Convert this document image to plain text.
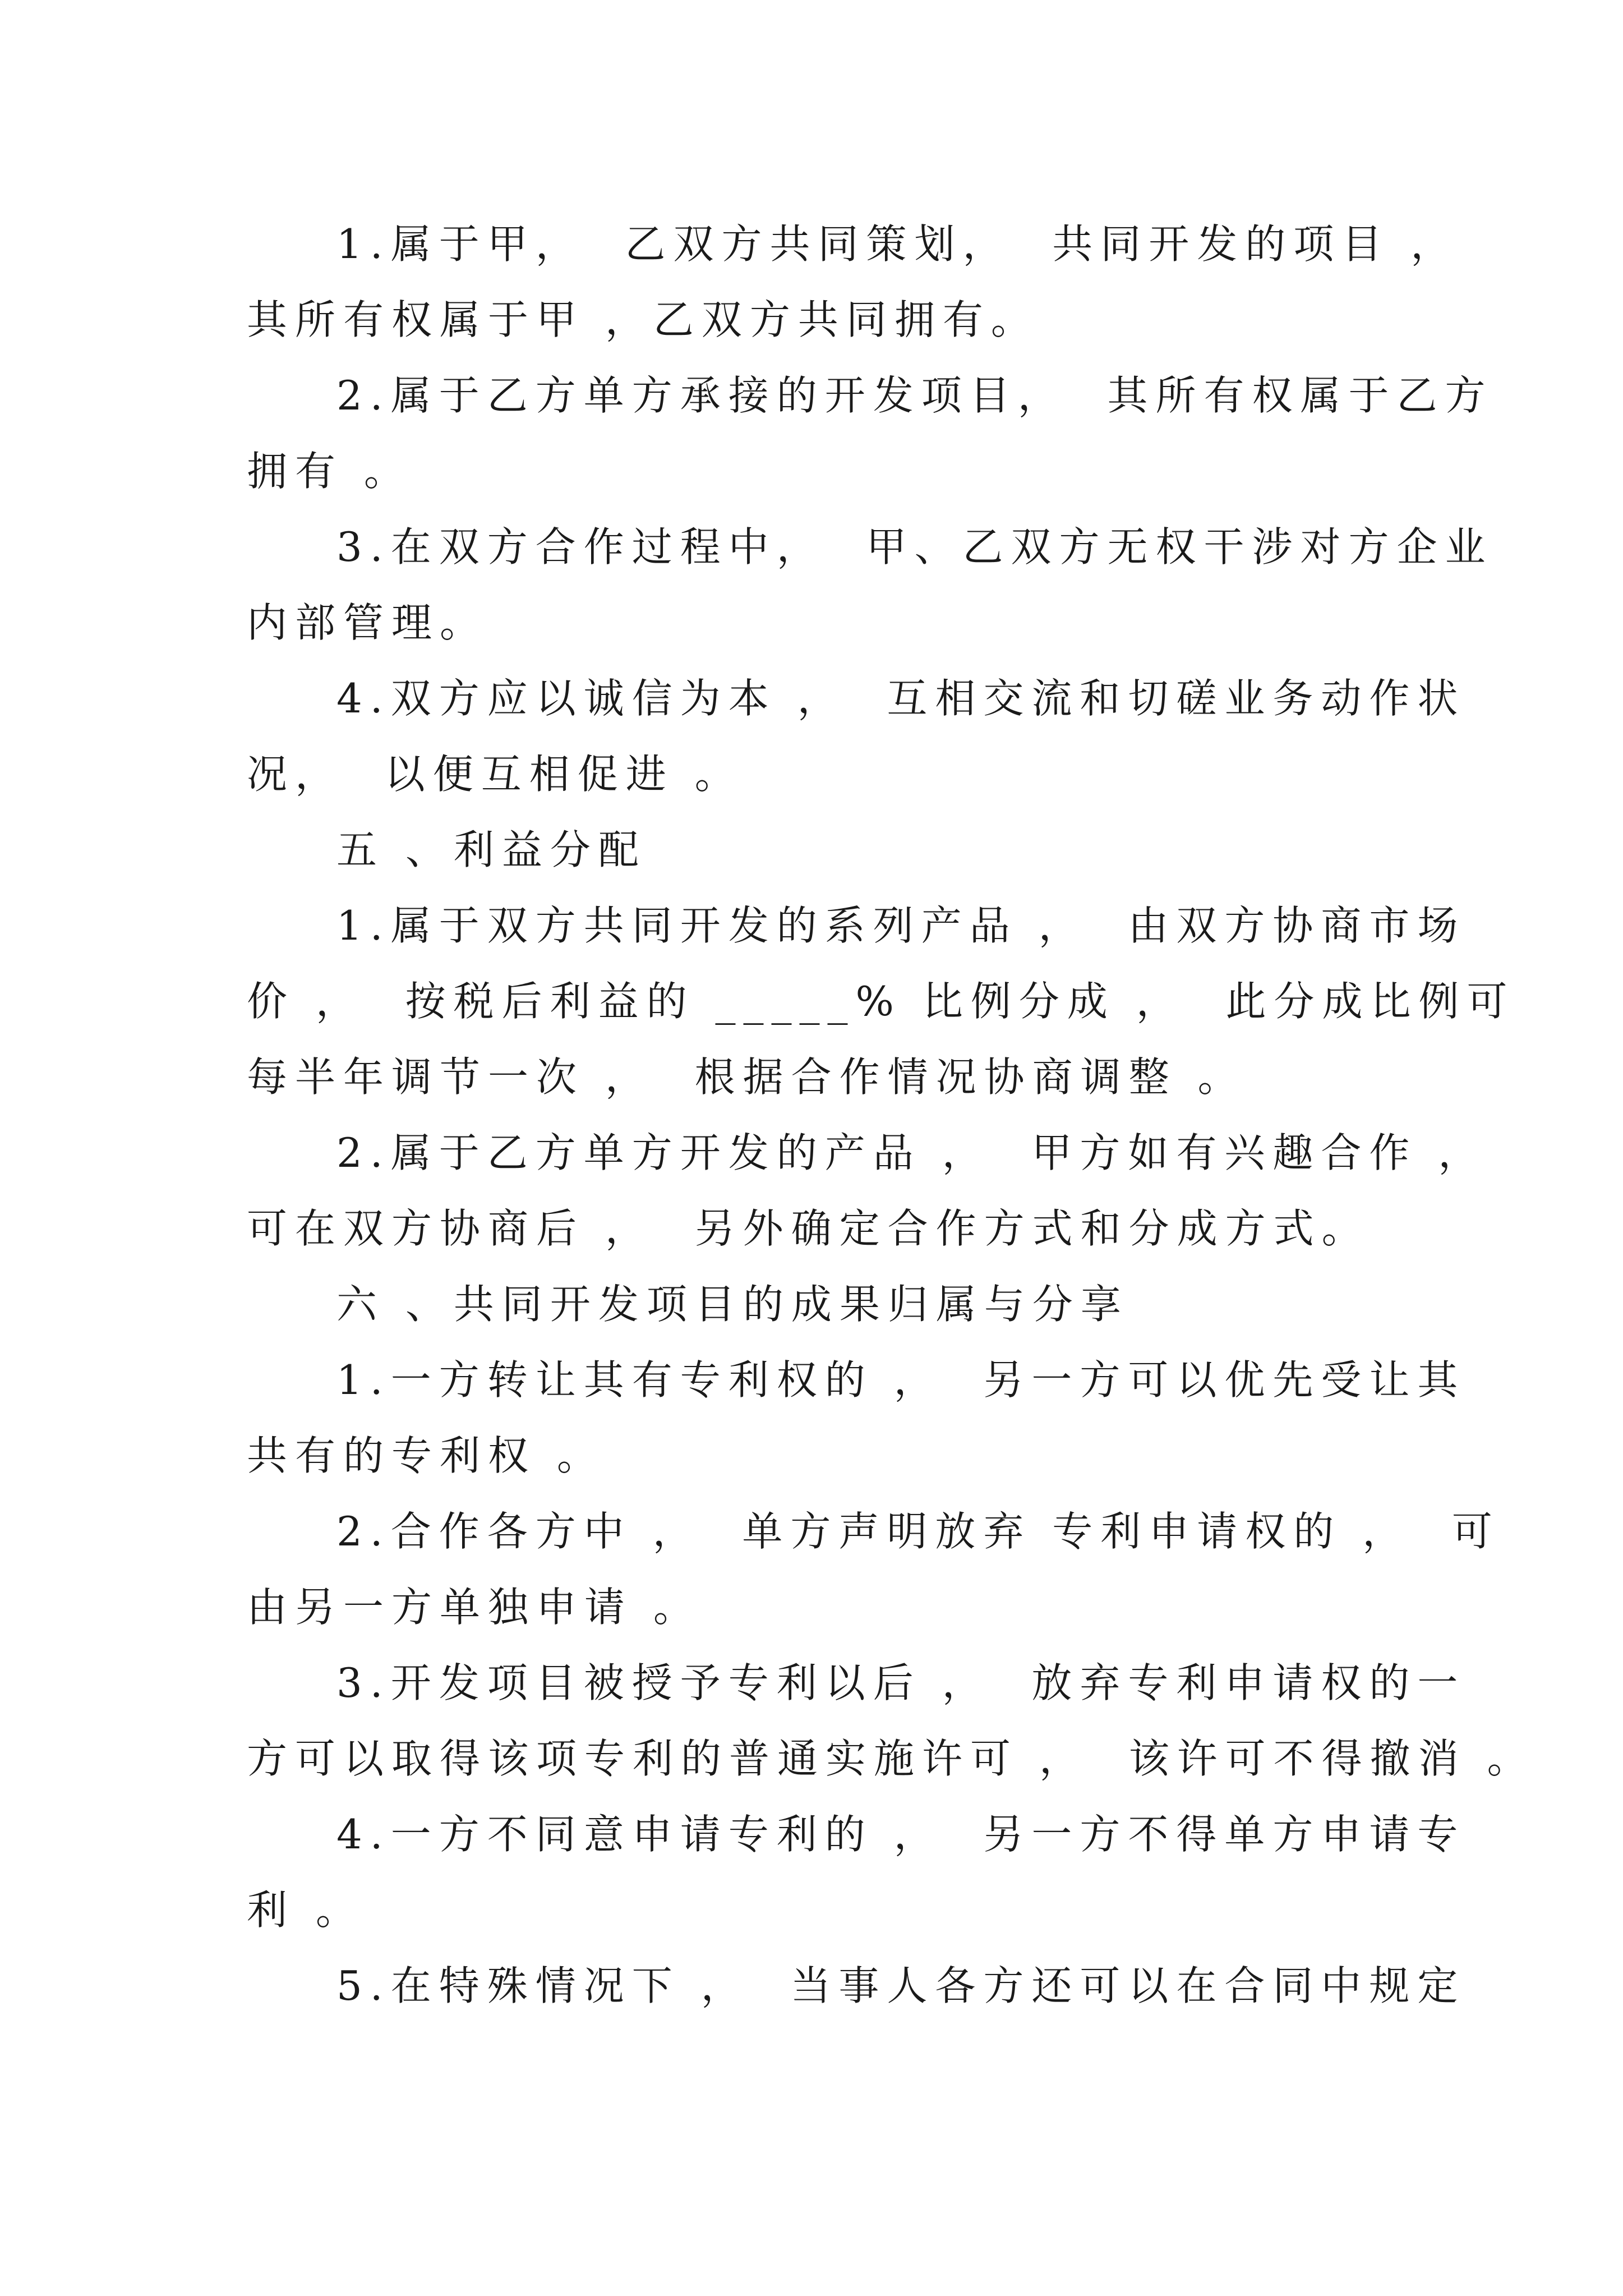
1.属于甲，  乙双方共同策划，  共同开发的项目 ，
其所有权属于甲 ，乙双方共同拥有。
2.属于乙方单方承接的开发项目，  其所有权属于乙方
拥有 。
3.在双方合作过程中，  甲、乙双方无权干涉对方企业
内部管理。
4.双方应以诚信为本 ，  互相交流和切磋业务动作状
况，  以便互相促进 。
五 、利益分配
1.属于双方共同开发的系列产品 ，  由双方协商市场
价 ，  按税后利益的 _____% 比例分成 ，  此分成比例可
每半年调节一次 ，  根据合作情况协商调整 。
2.属于乙方单方开发的产品 ，  甲方如有兴趣合作 ，
可在双方协商后 ，  另外确定合作方式和分成方式。
六 、共同开发项目的成果归属与分享
1.一方转让其有专利权的 ，  另一方可以优先受让其
共有的专利权 。
2.合作各方中 ，  单方声明放弃 专利申请权的 ，  可
由另一方单独申请 。
3.开发项目被授予专利以后 ，  放弃专利申请权的一
方可以取得该项专利的普通实施许可 ，  该许可不得撤消 。
4.一方不同意申请专利的 ，  另一方不得单方申请专
利 。
5.在特殊情况下 ，  当事人各方还可以在合同中规定
